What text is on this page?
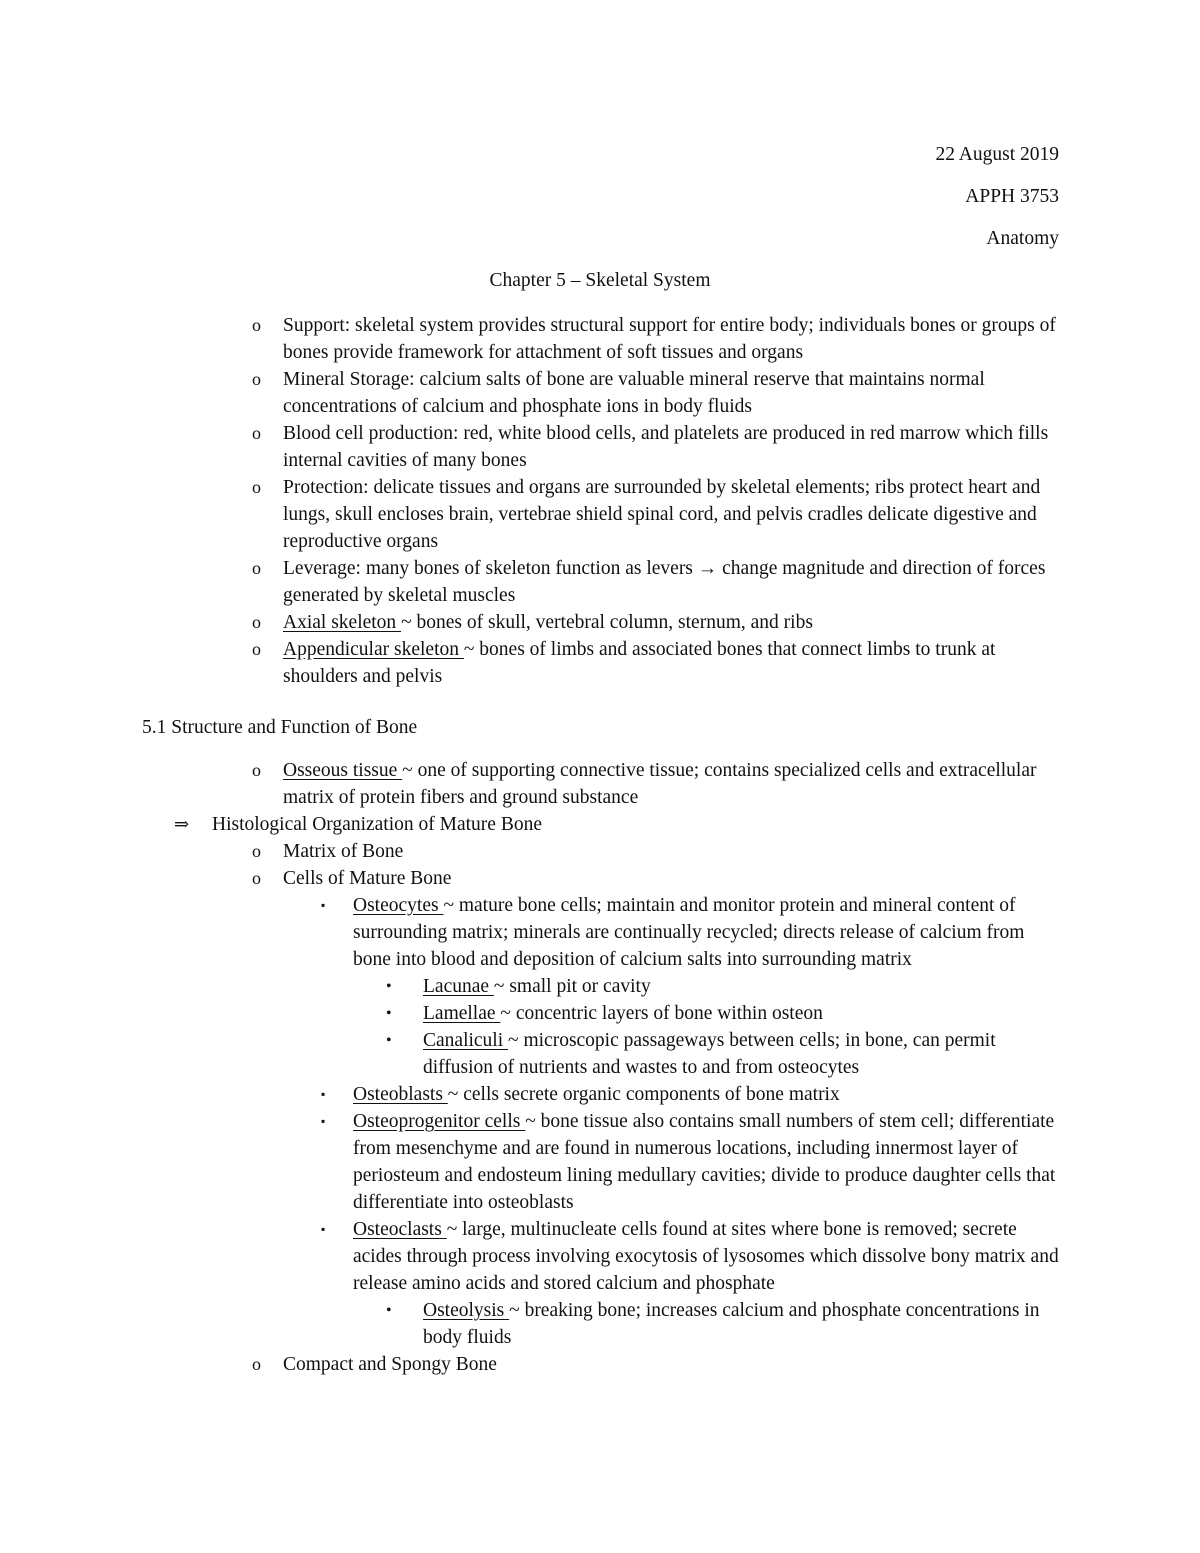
22 August 2019
APPH 3753
Anatomy
Chapter 5 – Skeletal System
o Support: skeletal system provides structural support for entire body; individuals bones or groups of bones provide framework for attachment of soft tissues and organs
o Mineral Storage: calcium salts of bone are valuable mineral reserve that maintains normal concentrations of calcium and phosphate ions in body fluids
o Blood cell production: red, white blood cells, and platelets are produced in red marrow which fills internal cavities of many bones
o Protection: delicate tissues and organs are surrounded by skeletal elements; ribs protect heart and lungs, skull encloses brain, vertebrae shield spinal cord, and pelvis cradles delicate digestive and reproductive organs
o Leverage: many bones of skeleton function as levers → change magnitude and direction of forces generated by skeletal muscles
o Axial skeleton ~ bones of skull, vertebral column, sternum, and ribs
o Appendicular skeleton ~ bones of limbs and associated bones that connect limbs to trunk at shoulders and pelvis
5.1 Structure and Function of Bone
o Osseous tissue ~ one of supporting connective tissue; contains specialized cells and extracellular matrix of protein fibers and ground substance
⇒ Histological Organization of Mature Bone
o Matrix of Bone
o Cells of Mature Bone
▪ Osteocytes ~ mature bone cells; maintain and monitor protein and mineral content of surrounding matrix; minerals are continually recycled; directs release of calcium from bone into blood and deposition of calcium salts into surrounding matrix
• Lacunae ~ small pit or cavity
• Lamellae ~ concentric layers of bone within osteon
• Canaliculi ~ microscopic passageways between cells; in bone, can permit diffusion of nutrients and wastes to and from osteocytes
▪ Osteoblasts ~ cells secrete organic components of bone matrix
▪ Osteoprogenitor cells ~ bone tissue also contains small numbers of stem cell; differentiate from mesenchyme and are found in numerous locations, including innermost layer of periosteum and endosteum lining medullary cavities; divide to produce daughter cells that differentiate into osteoblasts
▪ Osteoclasts ~ large, multinucleate cells found at sites where bone is removed; secrete acides through process involving exocytosis of lysosomes which dissolve bony matrix and release amino acids and stored calcium and phosphate
• Osteolysis ~ breaking bone; increases calcium and phosphate concentrations in body fluids
o Compact and Spongy Bone
